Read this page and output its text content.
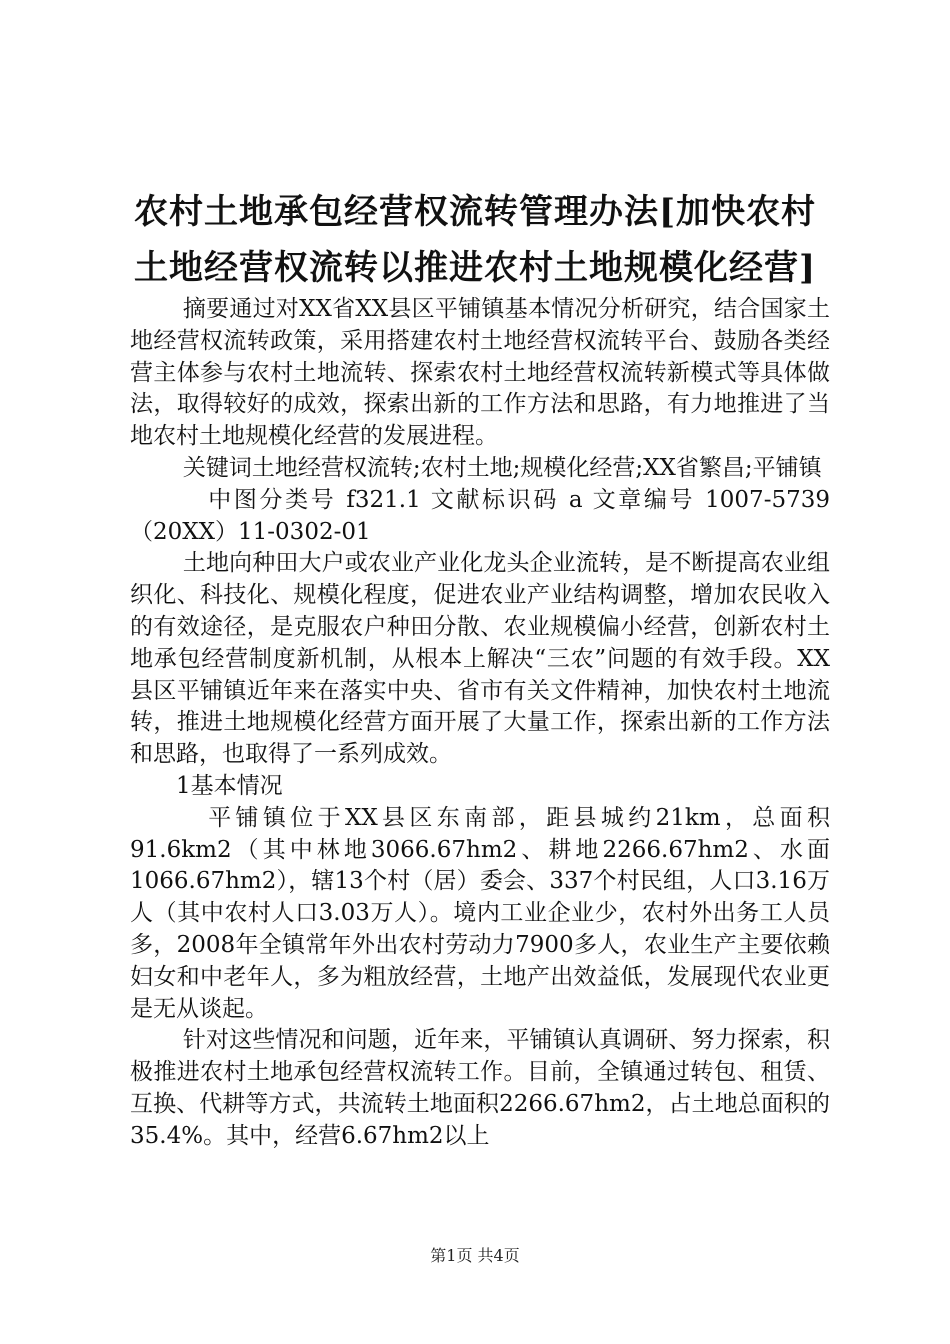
农村土地承包经营权流转管理办法[加快农村土地经营权流转以推进农村土地规模化经营]

摘要通过对XX省XX县区平铺镇基本情况分析研究，结合国家土地经营权流转政策，采用搭建农村土地经营权流转平台、鼓励各类经营主体参与农村土地流转、探索农村土地经营权流转新模式等具体做法，取得较好的成效，探索出新的工作方法和思路，有力地推进了当地农村土地规模化经营的发展进程。

关键词土地经营权流转;农村土地;规模化经营;XX省繁昌;平铺镇

中图分类号 f321.1 文献标识码 a 文章编号 1007-5739（20XX）11-0302-01

土地向种田大户或农业产业化龙头企业流转，是不断提高农业组织化、科技化、规模化程度，促进农业产业结构调整，增加农民收入的有效途径，是克服农户种田分散、农业规模偏小经营，创新农村土地承包经营制度新机制，从根本上解决“三农”问题的有效手段。XX县区平铺镇近年来在落实中央、省市有关文件精神，加快农村土地流转，推进土地规模化经营方面开展了大量工作，探索出新的工作方法和思路，也取得了一系列成效。

1基本情况

平铺镇位于XX县区东南部，距县城约21km，总面积91.6km2（其中林地3066.67hm2、耕地2266.67hm2、水面1066.67hm2），辖13个村（居）委会、337个村民组，人口3.16万人（其中农村人口3.03万人）。境内工业企业少，农村外出务工人员多，2008年全镇常年外出农村劳动力7900多人，农业生产主要依赖妇女和中老年人，多为粗放经营，土地产出效益低，发展现代农业更是无从谈起。

针对这些情况和问题，近年来，平铺镇认真调研、努力探索，积极推进农村土地承包经营权流转工作。目前，全镇通过转包、租赁、互换、代耕等方式，共流转土地面积2266.67hm2，占土地总面积的35.4%。其中，经营6.67hm2以上

第1页 共4页
